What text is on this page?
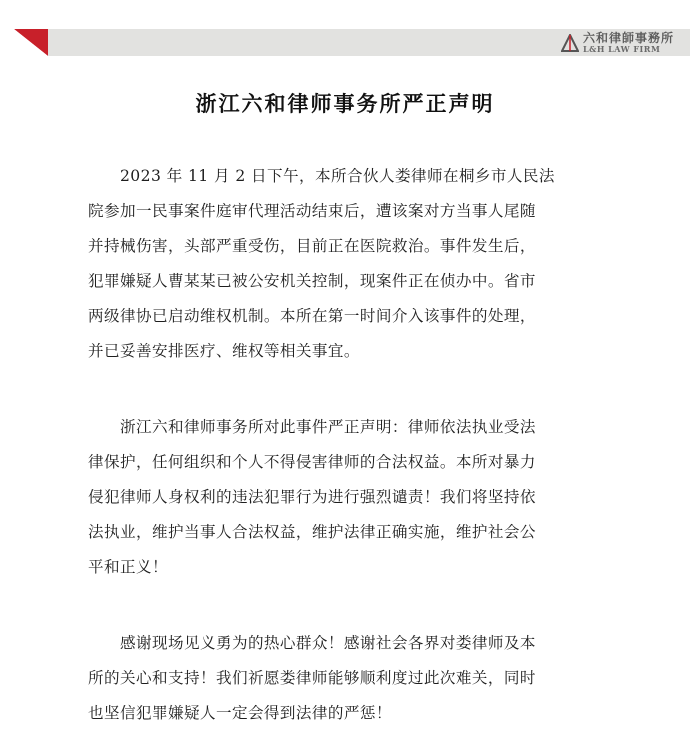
六和律師事務所
L&H LAW FIRM
浙江六和律师事务所严正声明
　　2023 年 11 月 2 日下午，本所合伙人娄律师在桐乡市人民法
院参加一民事案件庭审代理活动结束后，遭该案对方当事人尾随
并持械伤害，头部严重受伤，目前正在医院救治。事件发生后，
犯罪嫌疑人曹某某已被公安机关控制，现案件正在侦办中。省市
两级律协已启动维权机制。本所在第一时间介入该事件的处理，
并已妥善安排医疗、维权等相关事宜。
　　浙江六和律师事务所对此事件严正声明：律师依法执业受法
律保护，任何组织和个人不得侵害律师的合法权益。本所对暴力
侵犯律师人身权利的违法犯罪行为进行强烈谴责！我们将坚持依
法执业，维护当事人合法权益，维护法律正确实施，维护社会公
平和正义！
　　感谢现场见义勇为的热心群众！感谢社会各界对娄律师及本
所的关心和支持！我们祈愿娄律师能够顺利度过此次难关，同时
也坚信犯罪嫌疑人一定会得到法律的严惩！
